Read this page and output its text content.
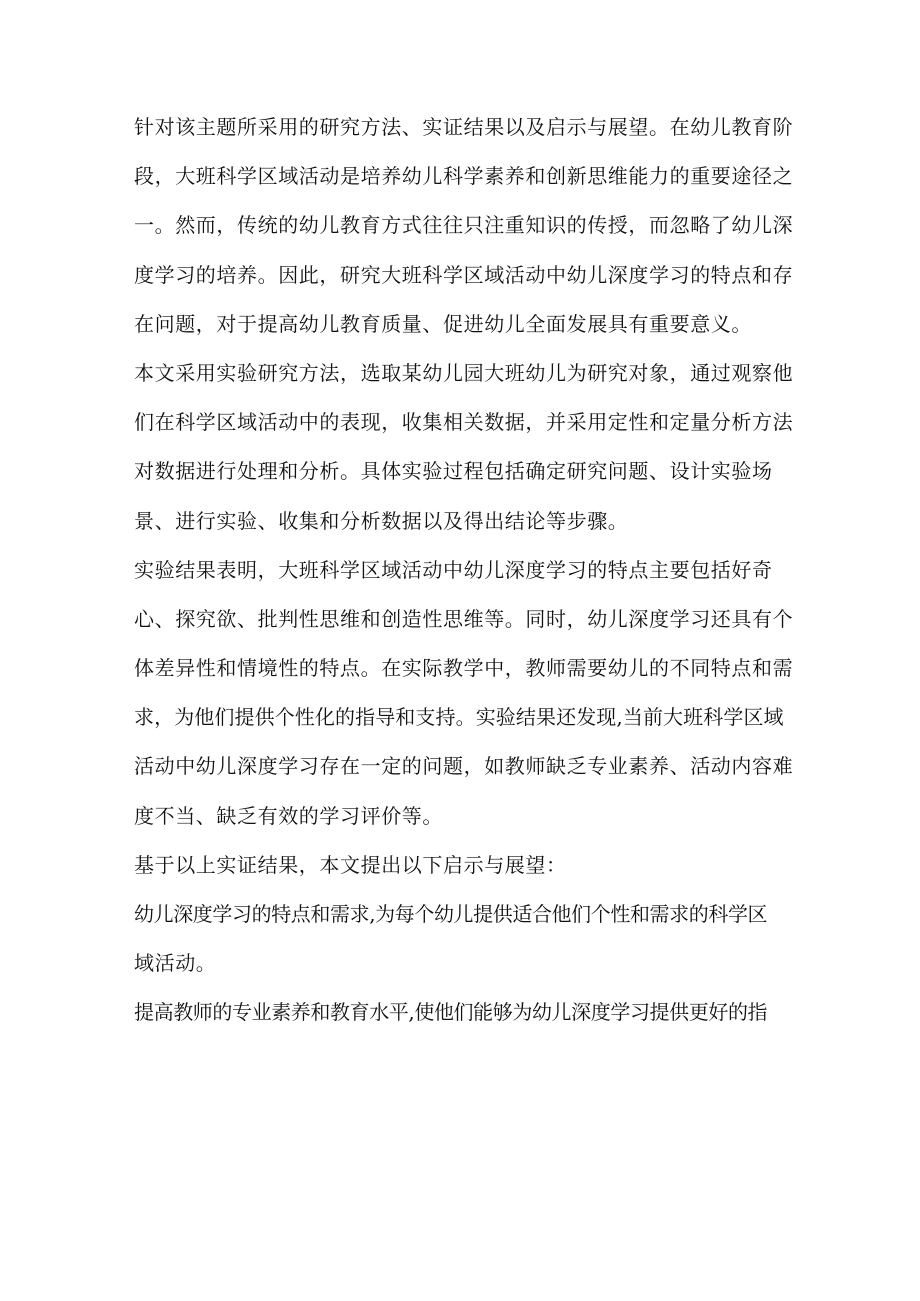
针对该主题所采用的研究方法、实证结果以及启示与展望。在幼儿教育阶
段，大班科学区域活动是培养幼儿科学素养和创新思维能力的重要途径之
一。然而，传统的幼儿教育方式往往只注重知识的传授，而忽略了幼儿深
度学习的培养。因此，研究大班科学区域活动中幼儿深度学习的特点和存
在问题，对于提高幼儿教育质量、促进幼儿全面发展具有重要意义。
本文采用实验研究方法，选取某幼儿园大班幼儿为研究对象，通过观察他
们在科学区域活动中的表现，收集相关数据，并采用定性和定量分析方法
对数据进行处理和分析。具体实验过程包括确定研究问题、设计实验场
景、进行实验、收集和分析数据以及得出结论等步骤。
实验结果表明，大班科学区域活动中幼儿深度学习的特点主要包括好奇
心、探究欲、批判性思维和创造性思维等。同时，幼儿深度学习还具有个
体差异性和情境性的特点。在实际教学中，教师需要幼儿的不同特点和需
求，为他们提供个性化的指导和支持。实验结果还发现,当前大班科学区域
活动中幼儿深度学习存在一定的问题，如教师缺乏专业素养、活动内容难
度不当、缺乏有效的学习评价等。
基于以上实证结果，本文提出以下启示与展望：
幼儿深度学习的特点和需求,为每个幼儿提供适合他们个性和需求的科学区
域活动。
提高教师的专业素养和教育水平,使他们能够为幼儿深度学习提供更好的指
